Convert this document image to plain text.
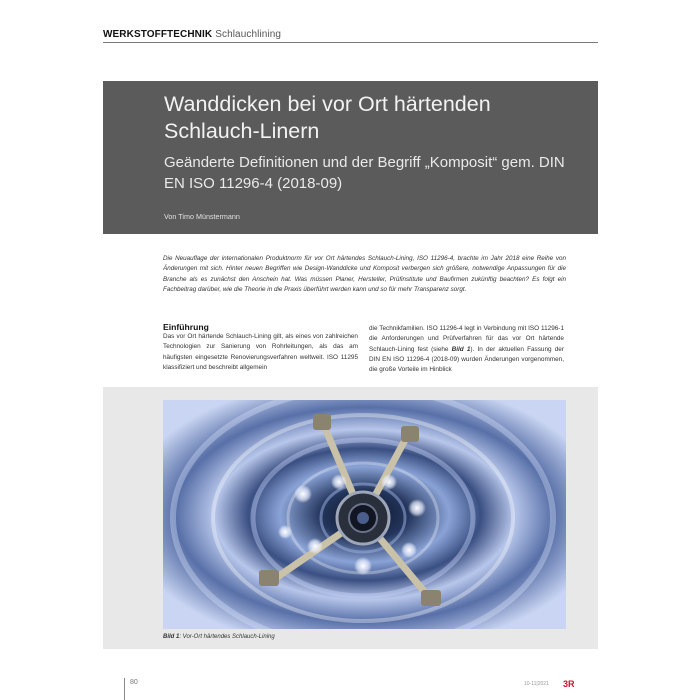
WERKSTOFFTECHNIK Schlauchlining
Wanddicken bei vor Ort härtenden Schlauch-Linern
Geänderte Definitionen und der Begriff „Komposit“ gem. DIN EN ISO 11296-4 (2018-09)
Von Timo Münstermann
Die Neuauflage der internationalen Produktnorm für vor Ort härtendes Schlauch-Lining, ISO 11296-4, brachte im Jahr 2018 eine Reihe von Änderungen mit sich. Hinter neuen Begriffen wie Design-Wanddicke und Komposit verbergen sich größere, notwendige Anpassungen für die Branche als es zunächst den Anschein hat. Was müssen Planer, Hersteller, Prüfinstitute und Baufirmen zukünftig beachten? Es folgt ein Fachbeitrag darüber, wie die Theorie in die Praxis überführt werden kann und so für mehr Transparenz sorgt.
Einführung
Das vor Ort härtende Schlauch-Lining gilt, als eines von zahlreichen Technologien zur Sanierung von Rohrleitungen, als das am häufigsten eingesetzte Renovierungsverfahren weltweit. ISO 11295 klassifiziert und beschreibt allgemein
die Technikfamilien. ISO 11296-4 legt in Verbindung mit ISO 11296-1 die Anforderungen und Prüfverfahren für das vor Ort härtende Schlauch-Lining fest (siehe Bild 1). In der aktuellen Fassung der DIN EN ISO 11296-4 (2018-09) wurden Änderungen vorgenommen, die große Vorteile im Hinblick
Bild 1: Vor-Ort härtendes Schlauch-Lining
80	10-11|2021 3R
